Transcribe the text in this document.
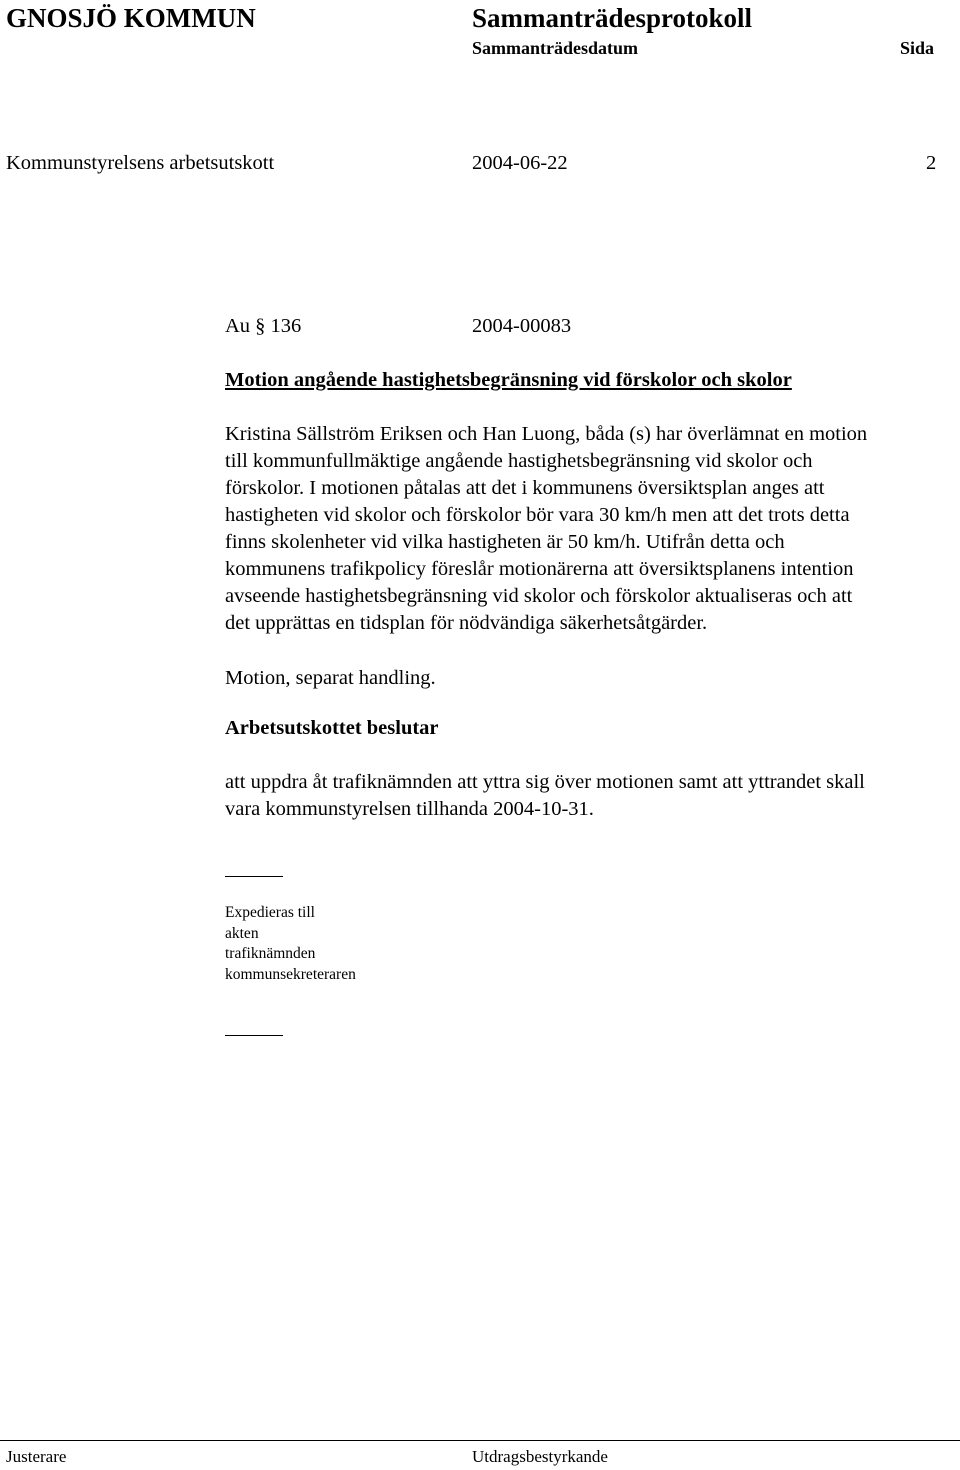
GNOSJÖ KOMMUN	Sammanträdesprotokoll
Sammanträdesdatum	Sida
Kommunstyrelsens arbetsutskott	2004-06-22	2
Au § 136	2004-00083
Motion angående hastighetsbegränsning vid förskolor och skolor
Kristina Sällström Eriksen och Han Luong, båda (s) har överlämnat en motion
till kommunfullmäktige angående hastighetsbegränsning vid skolor och
förskolor. I motionen påtalas att det i kommunens översiktsplan anges att
hastigheten vid skolor och förskolor bör vara 30 km/h men att det trots detta
finns skolenheter vid vilka hastigheten är 50 km/h. Utifrån detta och
kommunens trafikpolicy föreslår motionärerna att översiktsplanens intention
avseende hastighetsbegränsning vid skolor och förskolor aktualiseras och att
det upprättas en tidsplan för nödvändiga säkerhetsåtgärder.
Motion, separat handling.
Arbetsutskottet beslutar
att uppdra åt trafiknämnden att yttra sig över motionen samt att yttrandet skall
vara kommunstyrelsen tillhanda 2004-10-31.
Expedieras till
akten
trafiknämnden
kommunsekreteraren
Justerare	Utdragsbestyrkande
